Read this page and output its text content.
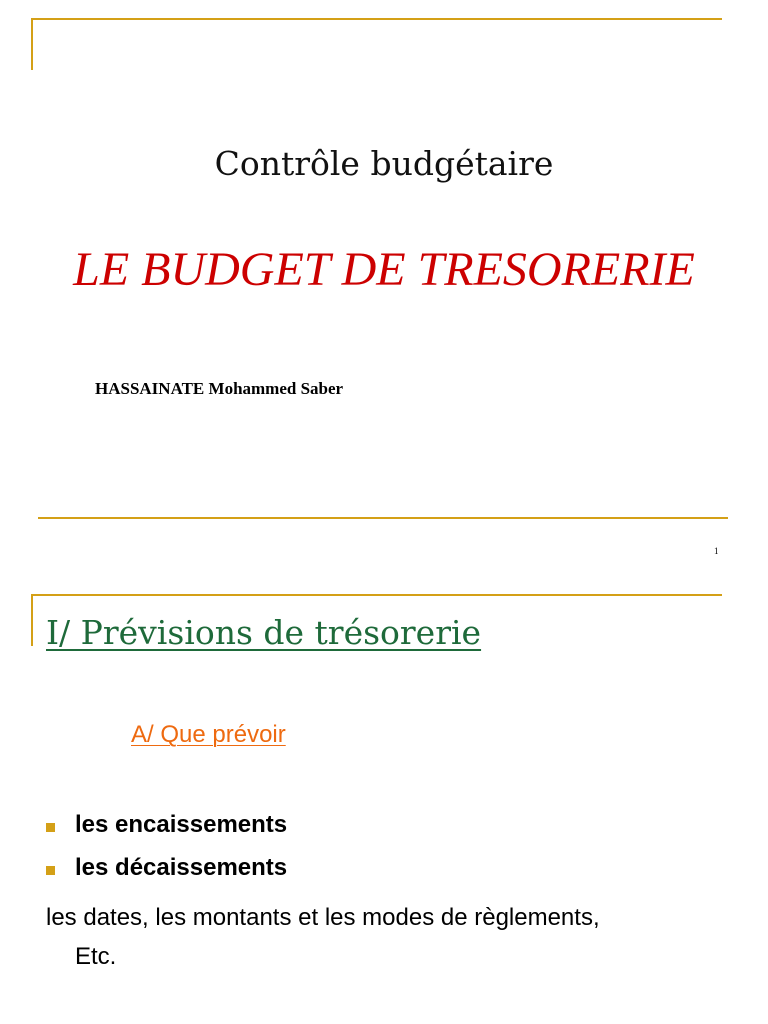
Contrôle budgétaire
LE BUDGET DE TRESORERIE
HASSAINATE Mohammed Saber
1
I/ Prévisions de trésorerie
A/ Que prévoir
les encaissements
les décaissements
les dates, les montants et les modes de règlements,
Etc.
